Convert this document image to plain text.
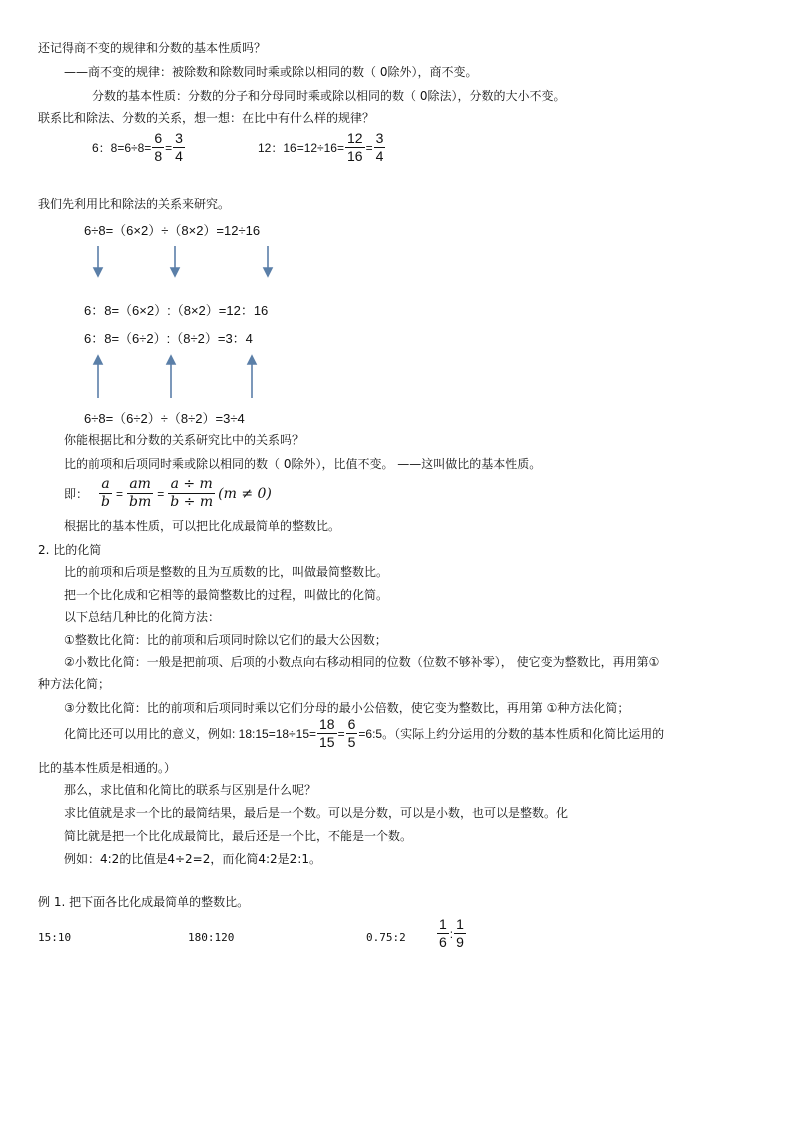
还记得商不变的规律和分数的基本性质吗？
——商不变的规律：被除数和除数同时乘或除以相同的数（ 0除外），商不变。
分数的基本性质：分数的分子和分母同时乘或除以相同的数（ 0除法），分数的大小不变。
联系比和除法、分数的关系，想一想：在比中有什么样的规律？
6：$8=6\div 8= \frac{6}{8} = \frac{3}{4}$	12：$16=12\div 16= \frac{12}{16} = \frac{3}{4}$
我们先利用比和除法的关系来研究。
6÷8=（6×2）÷（8×2）=12÷16
6：8=（6×2）:（8×2）=12：16
6：8=（6÷2）:（8÷2）=3：4
6÷8=（6÷2）÷（8÷2）=3÷4
你能根据比和分数的关系研究比中的关系吗？
比的前项和后项同时乘或除以相同的数（ 0除外），比值不变。 ——这叫做比的基本性质。
即： $\frac{a}{b} = \frac{am}{bm} = \frac{a \div m}{b \div m} (m \ne 0)$
根据比的基本性质，可以把比化成最简单的整数比。
2. 比的化简
比的前项和后项是整数的且为互质数的比，叫做最简整数比。
把一个比化成和它相等的最简整数比的过程，叫做比的化简。
以下总结几种比的化简方法：
①整数比化简：比的前项和后项同时除以它们的最大公因数；
②小数比化简：一般是把前项、后项的小数点向右移动相同的位数（位数不够补零）， 使它变为整数比，再用第①
种方法化简；
③分数比化简：比的前项和后项同时乘以它们分母的最小公倍数，使它变为整数比，再用第 ①种方法化简；
化简比还可以用比的意义，例如: 18:15=18÷15= $\frac{18}{15} = \frac{6}{5}$ =6:5。（实际上约分运用的分数的基本性质和化简比运用的
比的基本性质是相通的。）
那么，求比值和化简比的联系与区别是什么呢？
求比值就是求一个比的最简结果，最后是一个数。可以是分数，可以是小数，也可以是整数。化
简比就是把一个比化成最简比，最后还是一个比，不能是一个数。
例如：4:2的比值是4÷2=2，而化简4:2是2:1。
例 1. 把下面各比化成最简单的整数比。
15:10	180:120	0.75:2 $\frac{1}{6}$ : $\frac{1}{9}$
